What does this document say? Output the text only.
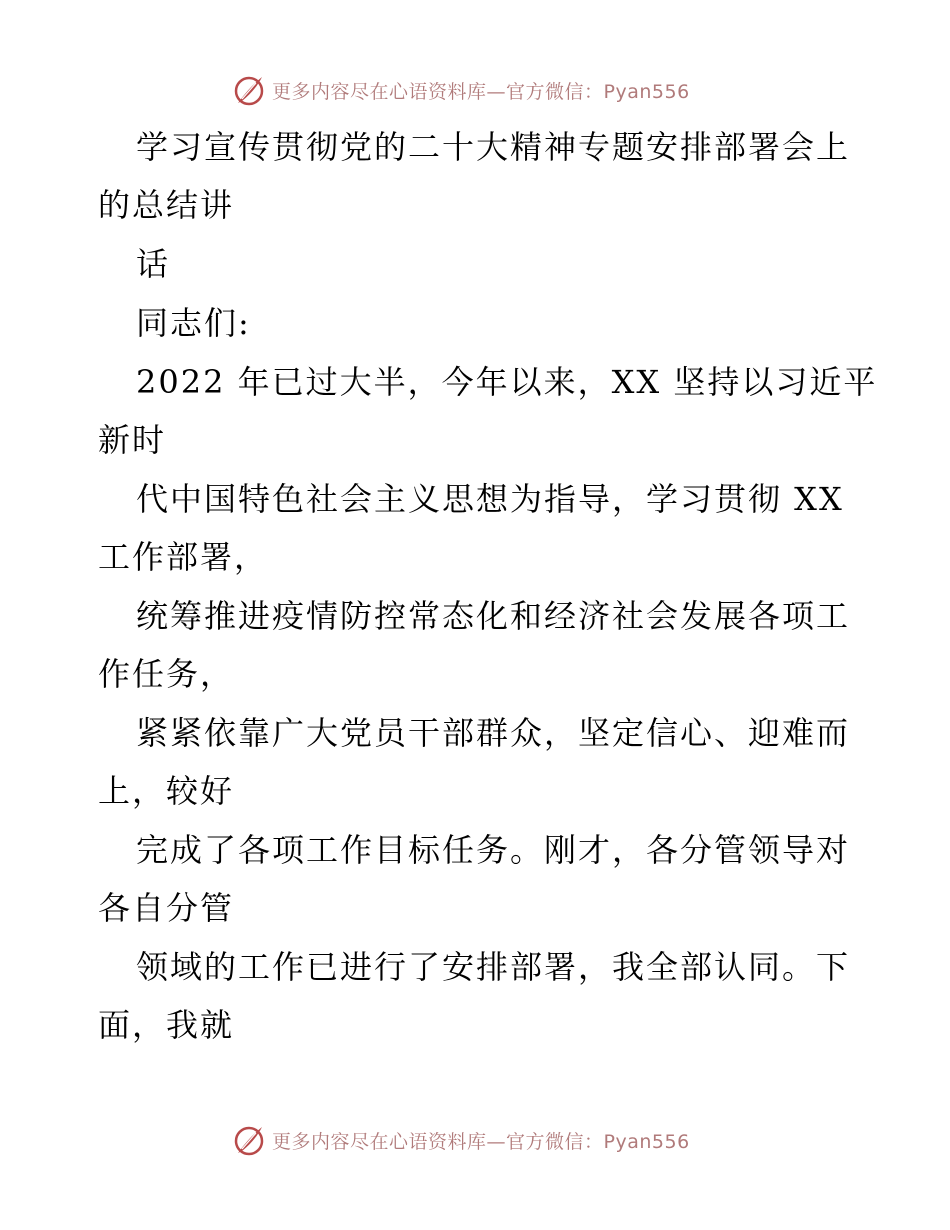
更多内容尽在心语资料库—官方微信：Pyan556
学习宣传贯彻党的二十大精神专题安排部署会上
的总结讲
话
同志们:
2022 年已过大半，今年以来，XX 坚持以习近平
新时
代中国特色社会主义思想为指导，学习贯彻 XX
工作部署，
统筹推进疫情防控常态化和经济社会发展各项工
作任务，
紧紧依靠广大党员干部群众，坚定信心、迎难而
上，较好
完成了各项工作目标任务。刚才，各分管领导对
各自分管
领域的工作已进行了安排部署，我全部认同。下
面，我就
更多内容尽在心语资料库—官方微信：Pyan556
